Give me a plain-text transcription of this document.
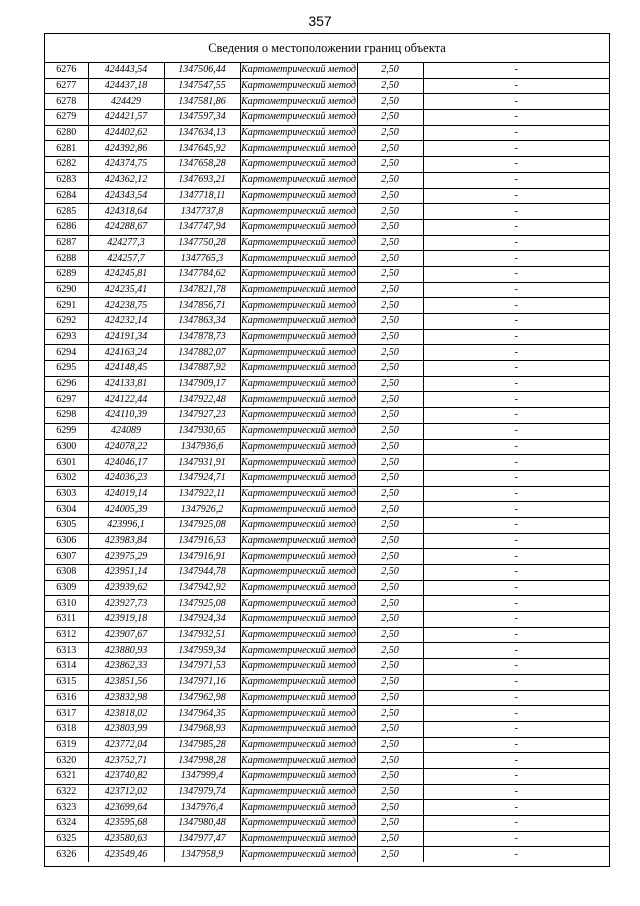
357
Сведения о местоположении границ объекта
6276	424443,54	1347506,44	Картометрический метод	2,50	-
6277	424437,18	1347547,55	Картометрический метод	2,50	-
6278	424429	1347581,86	Картометрический метод	2,50	-
6279	424421,57	1347597,34	Картометрический метод	2,50	-
6280	424402,62	1347634,13	Картометрический метод	2,50	-
6281	424392,86	1347645,92	Картометрический метод	2,50	-
6282	424374,75	1347658,28	Картометрический метод	2,50	-
6283	424362,12	1347693,21	Картометрический метод	2,50	-
6284	424343,54	1347718,11	Картометрический метод	2,50	-
6285	424318,64	1347737,8	Картометрический метод	2,50	-
6286	424288,67	1347747,94	Картометрический метод	2,50	-
6287	424277,3	1347750,28	Картометрический метод	2,50	-
6288	424257,7	1347765,3	Картометрический метод	2,50	-
6289	424245,81	1347784,62	Картометрический метод	2,50	-
6290	424235,41	1347821,78	Картометрический метод	2,50	-
6291	424238,75	1347856,71	Картометрический метод	2,50	-
6292	424232,14	1347863,34	Картометрический метод	2,50	-
6293	424191,34	1347878,73	Картометрический метод	2,50	-
6294	424163,24	1347882,07	Картометрический метод	2,50	-
6295	424148,45	1347887,92	Картометрический метод	2,50	-
6296	424133,81	1347909,17	Картометрический метод	2,50	-
6297	424122,44	1347922,48	Картометрический метод	2,50	-
6298	424110,39	1347927,23	Картометрический метод	2,50	-
6299	424089	1347930,65	Картометрический метод	2,50	-
6300	424078,22	1347936,6	Картометрический метод	2,50	-
6301	424046,17	1347931,91	Картометрический метод	2,50	-
6302	424036,23	1347924,71	Картометрический метод	2,50	-
6303	424019,14	1347922,11	Картометрический метод	2,50	-
6304	424005,39	1347926,2	Картометрический метод	2,50	-
6305	423996,1	1347925,08	Картометрический метод	2,50	-
6306	423983,84	1347916,53	Картометрический метод	2,50	-
6307	423975,29	1347916,91	Картометрический метод	2,50	-
6308	423951,14	1347944,78	Картометрический метод	2,50	-
6309	423939,62	1347942,92	Картометрический метод	2,50	-
6310	423927,73	1347925,08	Картометрический метод	2,50	-
6311	423919,18	1347924,34	Картометрический метод	2,50	-
6312	423907,67	1347932,51	Картометрический метод	2,50	-
6313	423880,93	1347959,34	Картометрический метод	2,50	-
6314	423862,33	1347971,53	Картометрический метод	2,50	-
6315	423851,56	1347971,16	Картометрический метод	2,50	-
6316	423832,98	1347962,98	Картометрический метод	2,50	-
6317	423818,02	1347964,35	Картометрический метод	2,50	-
6318	423803,99	1347968,93	Картометрический метод	2,50	-
6319	423772,04	1347985,28	Картометрический метод	2,50	-
6320	423752,71	1347998,28	Картометрический метод	2,50	-
6321	423740,82	1347999,4	Картометрический метод	2,50	-
6322	423712,02	1347979,74	Картометрический метод	2,50	-
6323	423699,64	1347976,4	Картометрический метод	2,50	-
6324	423595,68	1347980,48	Картометрический метод	2,50	-
6325	423580,63	1347977,47	Картометрический метод	2,50	-
6326	423549,46	1347958,9	Картометрический метод	2,50	-
